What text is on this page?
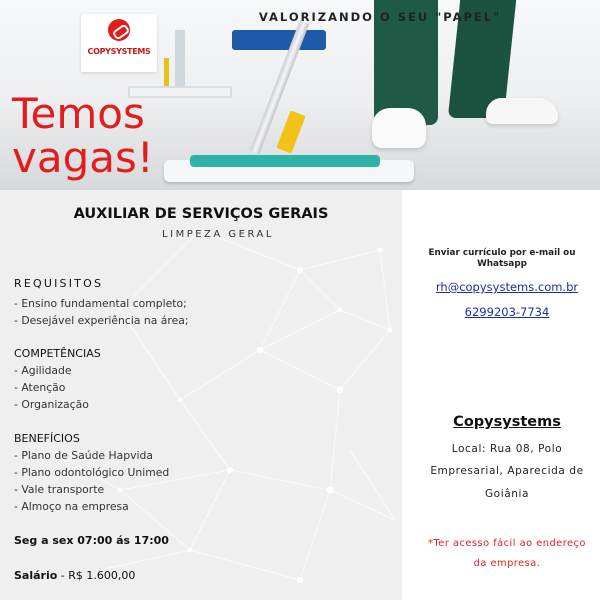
COPYSYSTEMS
VALORIZANDO O SEU "PAPEL"
Temos
vagas!
AUXILIAR DE SERVIÇOS GERAIS
LIMPEZA GERAL
REQUISITOS
- Ensino fundamental completo;
- Desejável experiência na área;
COMPETÊNCIAS
- Agilidade
- Atenção
- Organização
BENEFÍCIOS
- Plano de Saúde Hapvida
- Plano odontológico Unimed
- Vale transporte
- Almoço na empresa
Seg a sex 07:00 ás 17:00
Salário - R$ 1.600,00
Enviar currículo por e-mail ou
Whatsapp
rh@copysystems.com.br
6299203-7734
Copysystems
Local: Rua 08, Polo
Empresarial, Aparecida de
Goiânia
*Ter acesso fácil ao endereço
da empresa.
